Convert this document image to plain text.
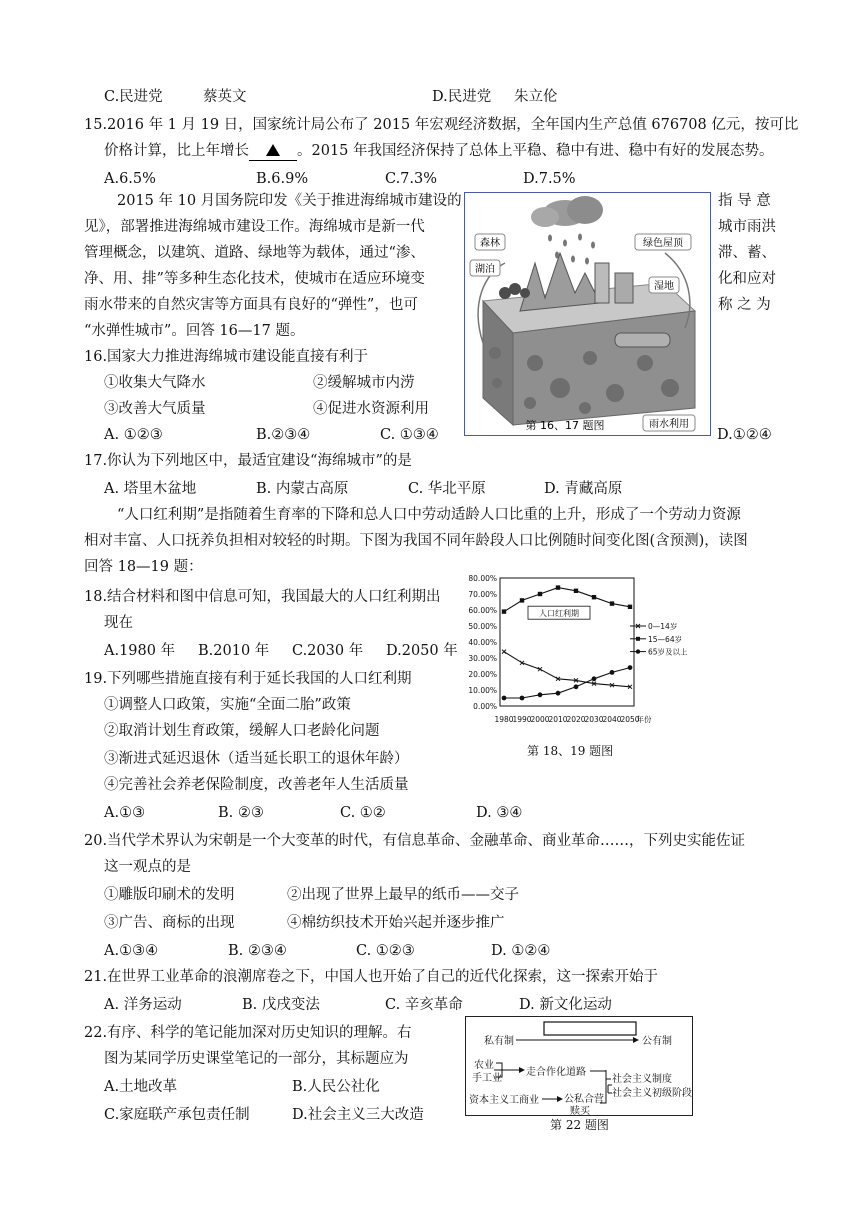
C.民进党	蔡英文	D.民进党 朱立伦
15.2016 年 1 月 19 日，国家统计局公布了 2015 年宏观经济数据，全年国内生产总值 676708 亿元，按可比
价格计算，比上年增长	。2015 年我国经济保持了总体上平稳、稳中有进、稳中有好的发展态势。
A.6.5%	B.6.9%	C.7.3%	D.7.5%
2015 年 10 月国务院印发《关于推进海绵城市建设的	指 导 意
见》，部署推进海绵城市建设工作。海绵城市是新一代	城市雨洪
管理概念，以建筑、道路、绿地等为载体，通过“渗、	滞、蓄、
净、用、排”等多种生态化技术，使城市在适应环境变	化和应对
雨水带来的自然灾害等方面具有良好的“弹性”，也可	称 之 为
“水弹性城市”。回答 16—17 题。
森林
湖泊
绿色屋顶
湿地
雨水利用
第 16、17 题图
16.国家大力推进海绵城市建设能直接有利于
①收集大气降水	②缓解城市内涝
③改善大气质量	④促进水资源利用
A. ①②③	B.②③④	C. ①③④	D.①②④
17.你认为下列地区中，最适宜建设“海绵城市”的是
A. 塔里木盆地	B. 内蒙古高原	C. 华北平原	D. 青藏高原
“人口红利期”是指随着生育率的下降和总人口中劳动适龄人口比重的上升，形成了一个劳动力资源
相对丰富、人口抚养负担相对较轻的时期。下图为我国不同年龄段人口比例随时间变化图(含预测)，读图
回答 18—19 题：
18.结合材料和图中信息可知，我国最大的人口红利期出
现在
A.1980 年 B.2010 年 C.2030 年 D.2050 年
0.00%
10.00%
20.00%
30.00%
40.00%
50.00%
60.00%
70.00%
80.00%
1980
1990
2000
2010
2020
2030
2040
2050
年份
人口红利期
0—14岁
15—64岁
65岁及以上
第 18、19 题图
19.下列哪些措施直接有利于延长我国的人口红利期
①调整人口政策，实施“全面二胎”政策
②取消计划生育政策，缓解人口老龄化问题
③渐进式延迟退休（适当延长职工的退休年龄）
④完善社会养老保险制度，改善老年人生活质量
A.①③	B. ②③	C. ①②	D. ③④
20.当代学术界认为宋朝是一个大变革的时代，有信息革命、金融革命、商业革命……，下列史实能佐证
这一观点的是
①雕版印刷术的发明	②出现了世界上最早的纸币——交子
③广告、商标的出现	④棉纺织技术开始兴起并逐步推广
A.①③④	B. ②③④	C. ①②③	D. ①②④
21.在世界工业革命的浪潮席卷之下，中国人也开始了自己的近代化探索，这一探索开始于
A. 洋务运动	B. 戊戌变法	C. 辛亥革命	D. 新文化运动
22.有序、科学的笔记能加深对历史知识的理解。右
图为某同学历史课堂笔记的一部分，其标题应为
A.土地改革	B.人民公社化
C.家庭联产承包责任制	D.社会主义三大改造
私有制	公有制
农业
手工业
走合作化道路
资本主义工商业	公私合营
赎买
社会主义制度
社会主义初级阶段
第 22 题图
